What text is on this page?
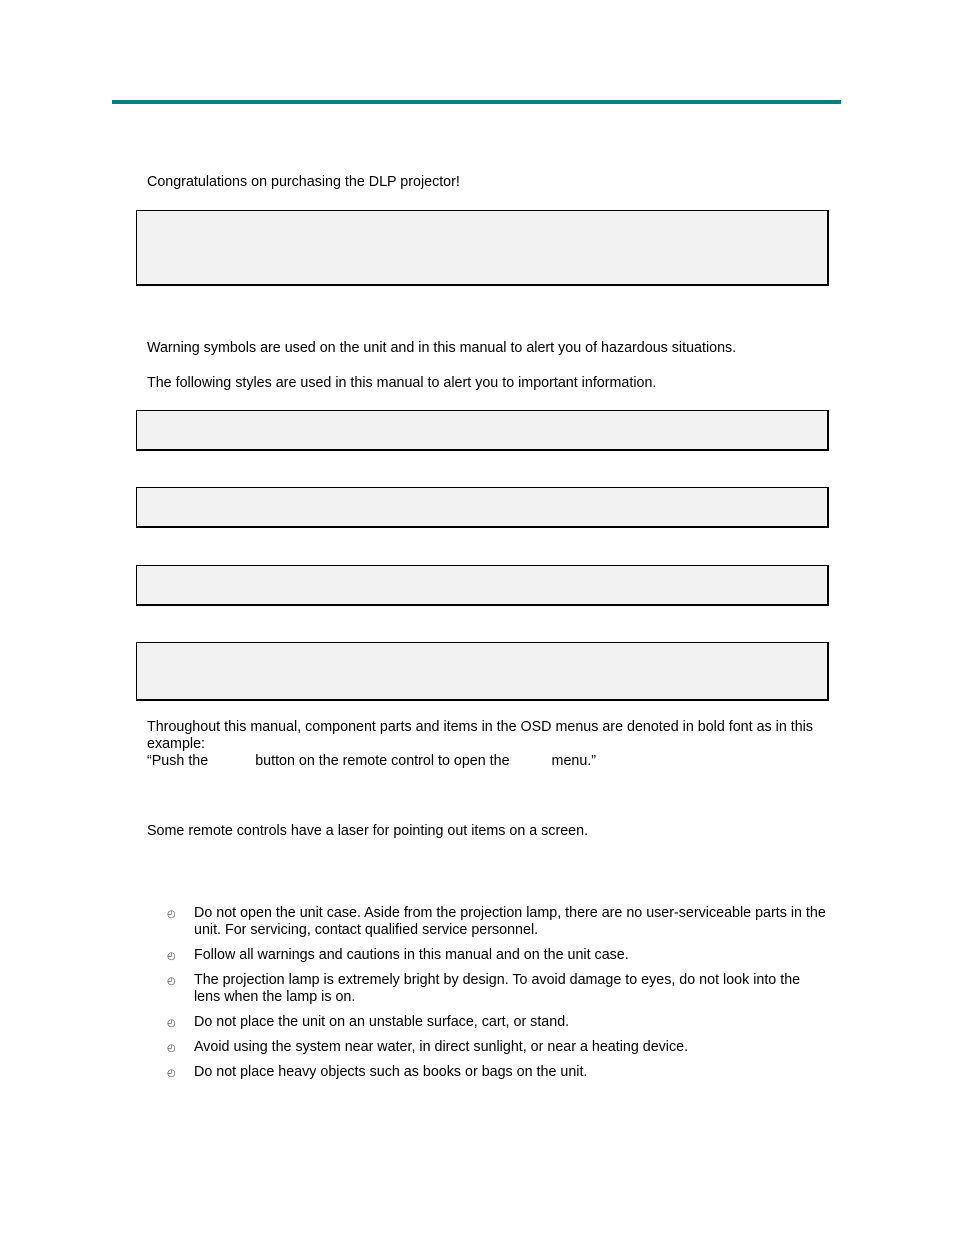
Congratulations on purchasing the DLP projector!

Warning symbols are used on the unit and in this manual to alert you of hazardous situations.

The following styles are used in this manual to alert you to important information.

Throughout this manual, component parts and items in the OSD menus are denoted in bold font as in this
example:
“Push the	button on the remote control to open the	menu.”

Some remote controls have a laser for pointing out items on a screen.

◴ Do not open the unit case. Aside from the projection lamp, there are no user-serviceable parts in the unit. For servicing, contact qualified service personnel.
◴ Follow all warnings and cautions in this manual and on the unit case.
◴ The projection lamp is extremely bright by design. To avoid damage to eyes, do not look into the lens when the lamp is on.
◴ Do not place the unit on an unstable surface, cart, or stand.
◴ Avoid using the system near water, in direct sunlight, or near a heating device.
◴ Do not place heavy objects such as books or bags on the unit.
